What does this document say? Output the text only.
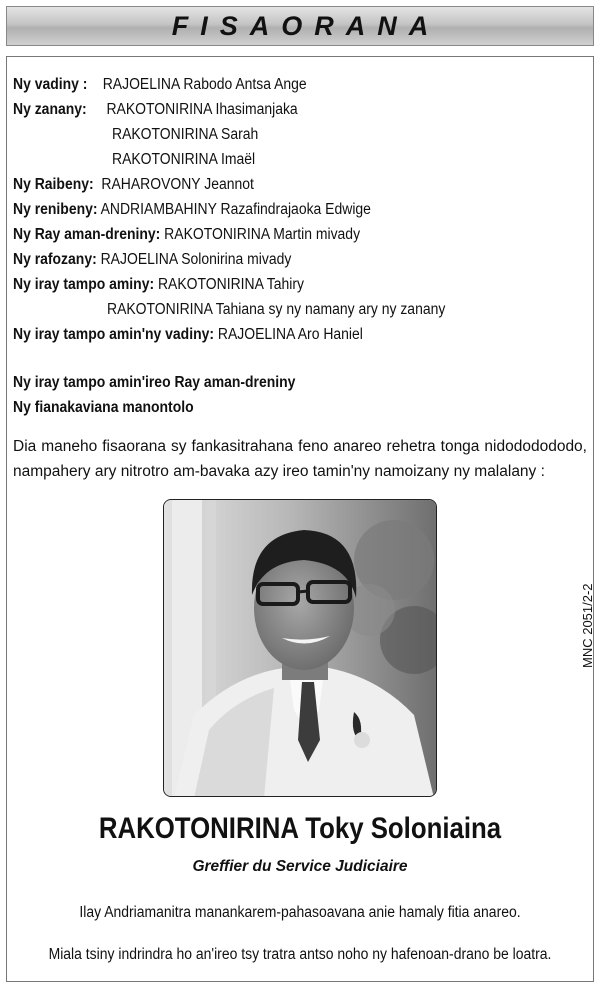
FISAORANA
Ny vadiny : RAJOELINA Rabodo Antsa Ange
Ny zanany: RAKOTONIRINA Ihasimanjaka
RAKOTONIRINA Sarah
RAKOTONIRINA Imaël
Ny Raibeny: RAHAROVONY Jeannot
Ny renibeny: ANDRIAMBAHINY Razafindrajaoka Edwige
Ny Ray aman-dreniny: RAKOTONIRINA Martin mivady
Ny rafozany: RAJOELINA Solonirina mivady
Ny iray tampo aminy: RAKOTONIRINA Tahiry
RAKOTONIRINA Tahiana sy ny namany ary ny zanany
Ny iray tampo amin'ny vadiny: RAJOELINA Aro Haniel
Ny iray tampo amin'ireo Ray aman-dreniny
Ny fianakaviana manontolo
Dia maneho fisaorana sy fankasitrahana feno anareo rehetra tonga nidododododo, nampahery ary nitrotro am-bavaka azy ireo tamin'ny namoizany ny malalany :
MNC 2051/2-2
RAKOTONIRINA Toky Soloniaina
Greffier du Service Judiciaire
Ilay Andriamanitra manankarem-pahasoavana anie hamaly fitia anareo.
Miala tsiny indrindra ho an'ireo tsy tratra antso noho ny hafenoan-drano be loatra.
